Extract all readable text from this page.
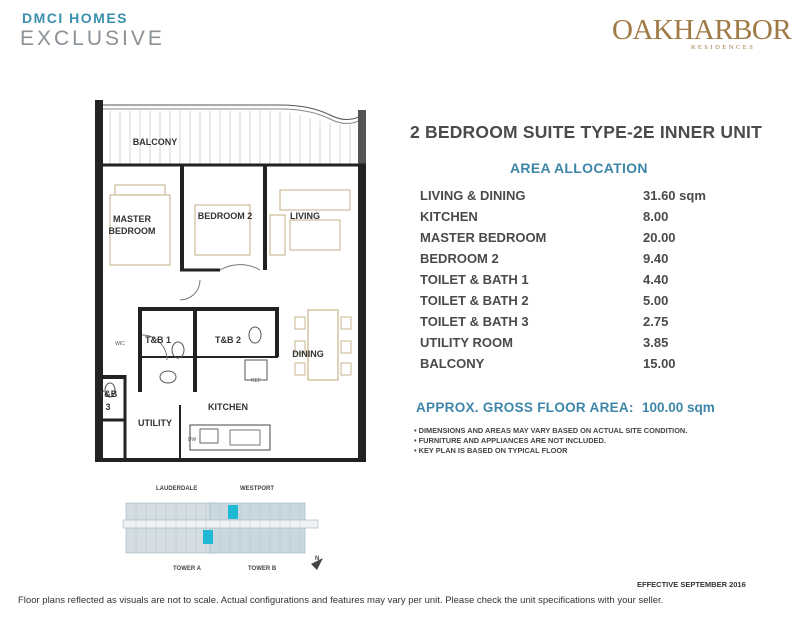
DMCI HOMES
EXCLUSIVE	OAKHARBOR
RESIDENCES
BALCONY
MASTER
BEDROOM
BEDROOM 2	LIVING
T&B 1	T&B 2
T&B
3
DINING
KITCHEN
UTILITY
WIC
REF
DW
LAUDERDALE	WESTPORT
TOWER A	TOWER B
N
2 BEDROOM SUITE TYPE-2E INNER UNIT
AREA ALLOCATION
LIVING & DINING	31.60 sqm
KITCHEN	8.00
MASTER BEDROOM	20.00
BEDROOM 2	9.40
TOILET & BATH 1	4.40
TOILET & BATH 2	5.00
TOILET & BATH 3	2.75
UTILITY ROOM	3.85
BALCONY	15.00
APPROX. GROSS FLOOR AREA: 100.00 sqm
• DIMENSIONS AND AREAS MAY VARY BASED ON ACTUAL SITE CONDITION.
• FURNITURE AND APPLIANCES ARE NOT INCLUDED.
• KEY PLAN IS BASED ON TYPICAL FLOOR
EFFECTIVE SEPTEMBER 2016
Floor plans reflected as visuals are not to scale. Actual configurations and features may vary per unit. Please check the unit specifications with your seller.
